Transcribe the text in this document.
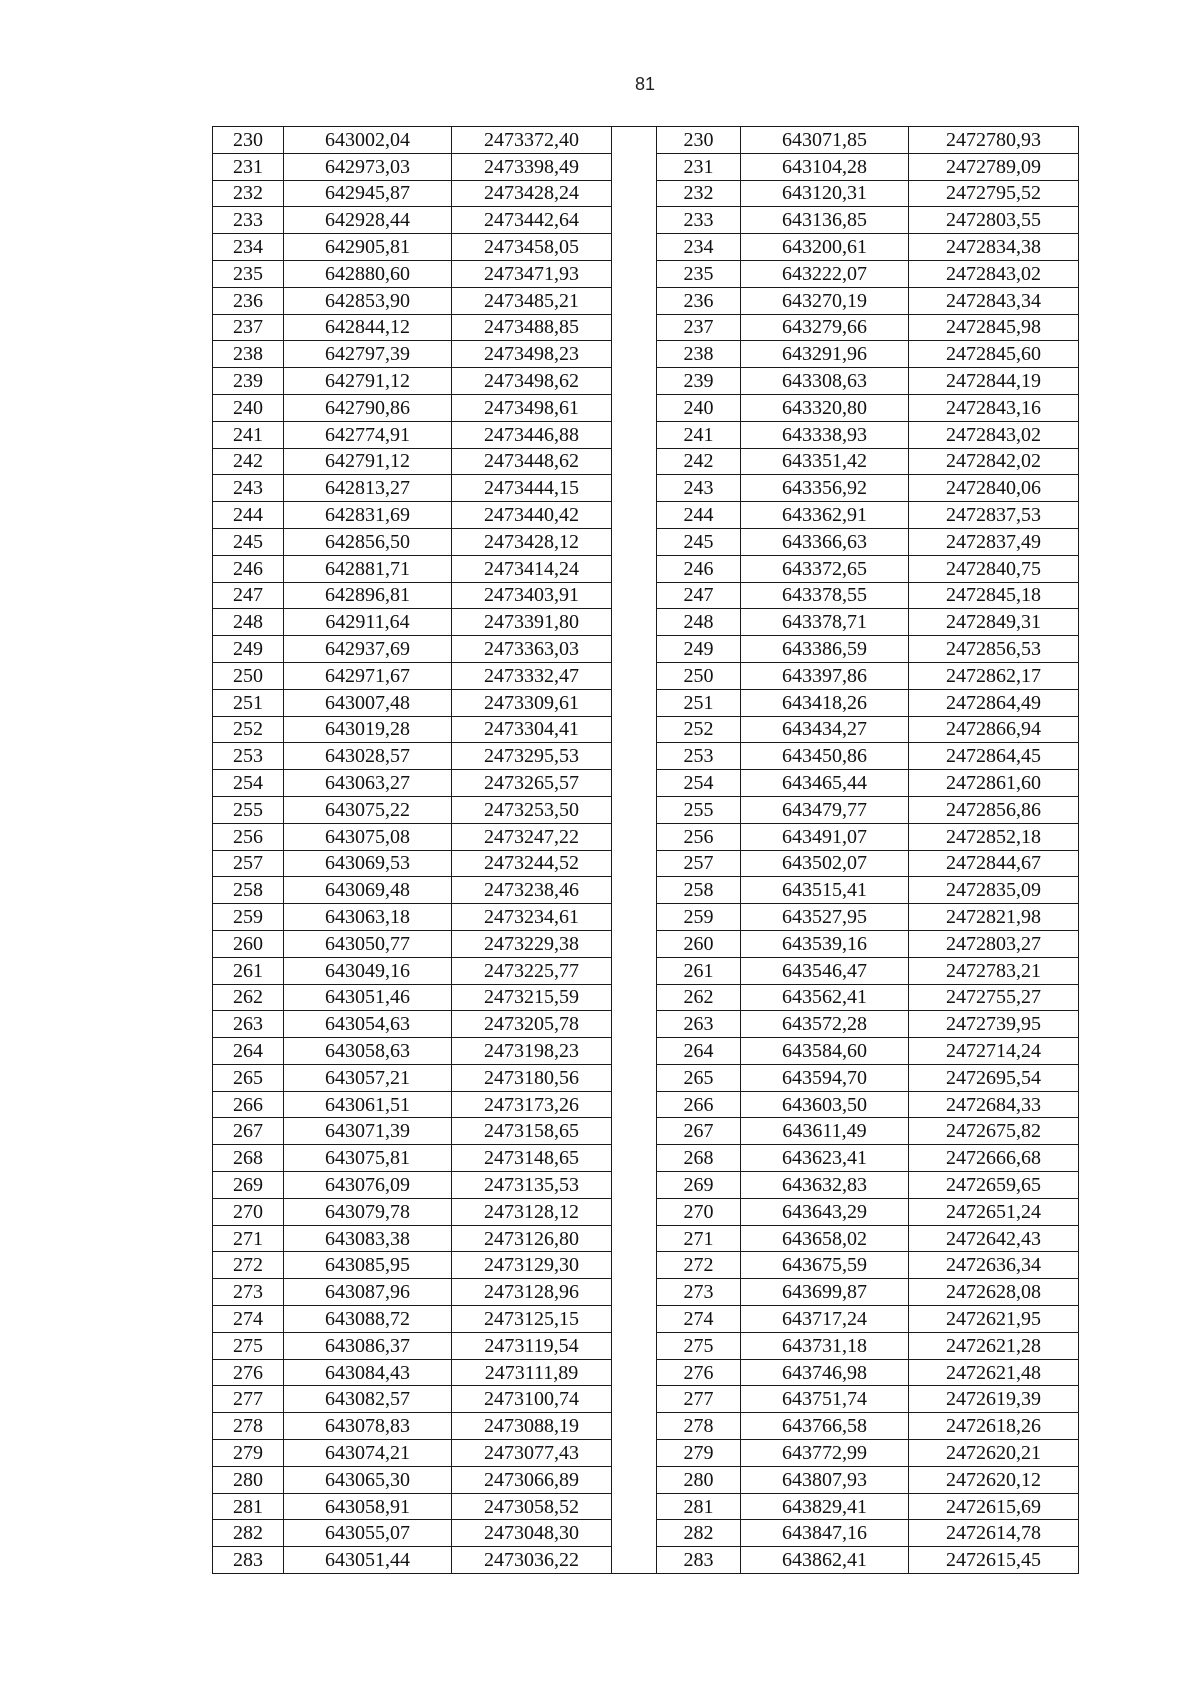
81
230	643002,04	2473372,40		230	643071,85	2472780,93
231	642973,03	2473398,49		231	643104,28	2472789,09
232	642945,87	2473428,24		232	643120,31	2472795,52
233	642928,44	2473442,64		233	643136,85	2472803,55
234	642905,81	2473458,05		234	643200,61	2472834,38
235	642880,60	2473471,93		235	643222,07	2472843,02
236	642853,90	2473485,21		236	643270,19	2472843,34
237	642844,12	2473488,85		237	643279,66	2472845,98
238	642797,39	2473498,23		238	643291,96	2472845,60
239	642791,12	2473498,62		239	643308,63	2472844,19
240	642790,86	2473498,61		240	643320,80	2472843,16
241	642774,91	2473446,88		241	643338,93	2472843,02
242	642791,12	2473448,62		242	643351,42	2472842,02
243	642813,27	2473444,15		243	643356,92	2472840,06
244	642831,69	2473440,42		244	643362,91	2472837,53
245	642856,50	2473428,12		245	643366,63	2472837,49
246	642881,71	2473414,24		246	643372,65	2472840,75
247	642896,81	2473403,91		247	643378,55	2472845,18
248	642911,64	2473391,80		248	643378,71	2472849,31
249	642937,69	2473363,03		249	643386,59	2472856,53
250	642971,67	2473332,47		250	643397,86	2472862,17
251	643007,48	2473309,61		251	643418,26	2472864,49
252	643019,28	2473304,41		252	643434,27	2472866,94
253	643028,57	2473295,53		253	643450,86	2472864,45
254	643063,27	2473265,57		254	643465,44	2472861,60
255	643075,22	2473253,50		255	643479,77	2472856,86
256	643075,08	2473247,22		256	643491,07	2472852,18
257	643069,53	2473244,52		257	643502,07	2472844,67
258	643069,48	2473238,46		258	643515,41	2472835,09
259	643063,18	2473234,61		259	643527,95	2472821,98
260	643050,77	2473229,38		260	643539,16	2472803,27
261	643049,16	2473225,77		261	643546,47	2472783,21
262	643051,46	2473215,59		262	643562,41	2472755,27
263	643054,63	2473205,78		263	643572,28	2472739,95
264	643058,63	2473198,23		264	643584,60	2472714,24
265	643057,21	2473180,56		265	643594,70	2472695,54
266	643061,51	2473173,26		266	643603,50	2472684,33
267	643071,39	2473158,65		267	643611,49	2472675,82
268	643075,81	2473148,65		268	643623,41	2472666,68
269	643076,09	2473135,53		269	643632,83	2472659,65
270	643079,78	2473128,12		270	643643,29	2472651,24
271	643083,38	2473126,80		271	643658,02	2472642,43
272	643085,95	2473129,30		272	643675,59	2472636,34
273	643087,96	2473128,96		273	643699,87	2472628,08
274	643088,72	2473125,15		274	643717,24	2472621,95
275	643086,37	2473119,54		275	643731,18	2472621,28
276	643084,43	2473111,89		276	643746,98	2472621,48
277	643082,57	2473100,74		277	643751,74	2472619,39
278	643078,83	2473088,19		278	643766,58	2472618,26
279	643074,21	2473077,43		279	643772,99	2472620,21
280	643065,30	2473066,89		280	643807,93	2472620,12
281	643058,91	2473058,52		281	643829,41	2472615,69
282	643055,07	2473048,30		282	643847,16	2472614,78
283	643051,44	2473036,22		283	643862,41	2472615,45
